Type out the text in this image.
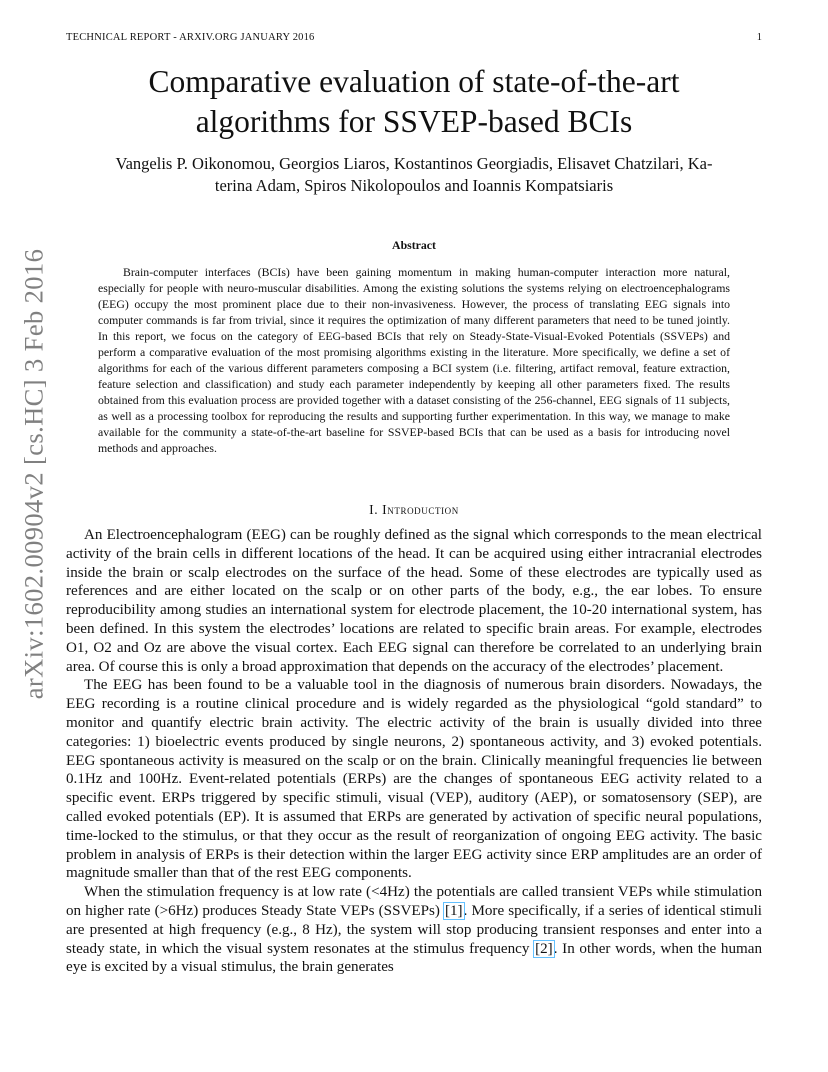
TECHNICAL REPORT - ARXIV.ORG JANUARY 2016	1
arXiv:1602.00904v2 [cs.HC] 3 Feb 2016
Comparative evaluation of state-of-the-art
algorithms for SSVEP-based BCIs
Vangelis P. Oikonomou, Georgios Liaros, Kostantinos Georgiadis, Elisavet Chatzilari, Ka-
terina Adam, Spiros Nikolopoulos and Ioannis Kompatsiaris
Abstract
Brain-computer interfaces (BCIs) have been gaining momentum in making human-computer interaction more natural, especially for people with neuro-muscular disabilities. Among the existing solutions the systems relying on electroencephalograms (EEG) occupy the most prominent place due to their non-invasiveness. However, the process of translating EEG signals into computer commands is far from trivial, since it requires the optimization of many different parameters that need to be tuned jointly. In this report, we focus on the category of EEG-based BCIs that rely on Steady-State-Visual-Evoked Potentials (SSVEPs) and perform a comparative evaluation of the most promising algorithms existing in the literature. More specifically, we define a set of algorithms for each of the various different parameters composing a BCI system (i.e. filtering, artifact removal, feature extraction, feature selection and classification) and study each parameter independently by keeping all other parameters fixed. The results obtained from this evaluation process are provided together with a dataset consisting of the 256-channel, EEG signals of 11 subjects, as well as a processing toolbox for reproducing the results and supporting further experimentation. In this way, we manage to make available for the community a state-of-the-art baseline for SSVEP-based BCIs that can be used as a basis for introducing novel methods and approaches.
I. Introduction

An Electroencephalogram (EEG) can be roughly defined as the signal which corresponds to the mean electrical activity of the brain cells in different locations of the head. It can be acquired using either intracranial electrodes inside the brain or scalp electrodes on the surface of the head. Some of these electrodes are typically used as references and are either located on the scalp or on other parts of the body, e.g., the ear lobes. To ensure reproducibility among studies an international system for electrode placement, the 10-20 international system, has been defined. In this system the electrodes’ locations are related to specific brain areas. For example, electrodes O1, O2 and Oz are above the visual cortex. Each EEG signal can therefore be correlated to an underlying brain area. Of course this is only a broad approximation that depends on the accuracy of the electrodes’ placement.

The EEG has been found to be a valuable tool in the diagnosis of numerous brain disorders. Nowadays, the EEG recording is a routine clinical procedure and is widely regarded as the physiological “gold standard” to monitor and quantify electric brain activity. The electric activity of the brain is usually divided into three categories: 1) bioelectric events produced by single neurons, 2) spontaneous activity, and 3) evoked potentials. EEG spontaneous activity is measured on the scalp or on the brain. Clinically meaningful frequencies lie between 0.1Hz and 100Hz. Event-related potentials (ERPs) are the changes of spontaneous EEG activity related to a specific event. ERPs triggered by specific stimuli, visual (VEP), auditory (AEP), or somatosensory (SEP), are called evoked potentials (EP). It is assumed that ERPs are generated by activation of specific neural populations, time-locked to the stimulus, or that they occur as the result of reorganization of ongoing EEG activity. The basic problem in analysis of ERPs is their detection within the larger EEG activity since ERP amplitudes are an order of magnitude smaller than that of the rest EEG components.

When the stimulation frequency is at low rate (<4Hz) the potentials are called transient VEPs while stimulation on higher rate (>6Hz) produces Steady State VEPs (SSVEPs) [1]. More specifically, if a series of identical stimuli are presented at high frequency (e.g., 8 Hz), the system will stop producing transient responses and enter into a steady state, in which the visual system resonates at the stimulus frequency [2]. In other words, when the human eye is excited by a visual stimulus, the brain generates
